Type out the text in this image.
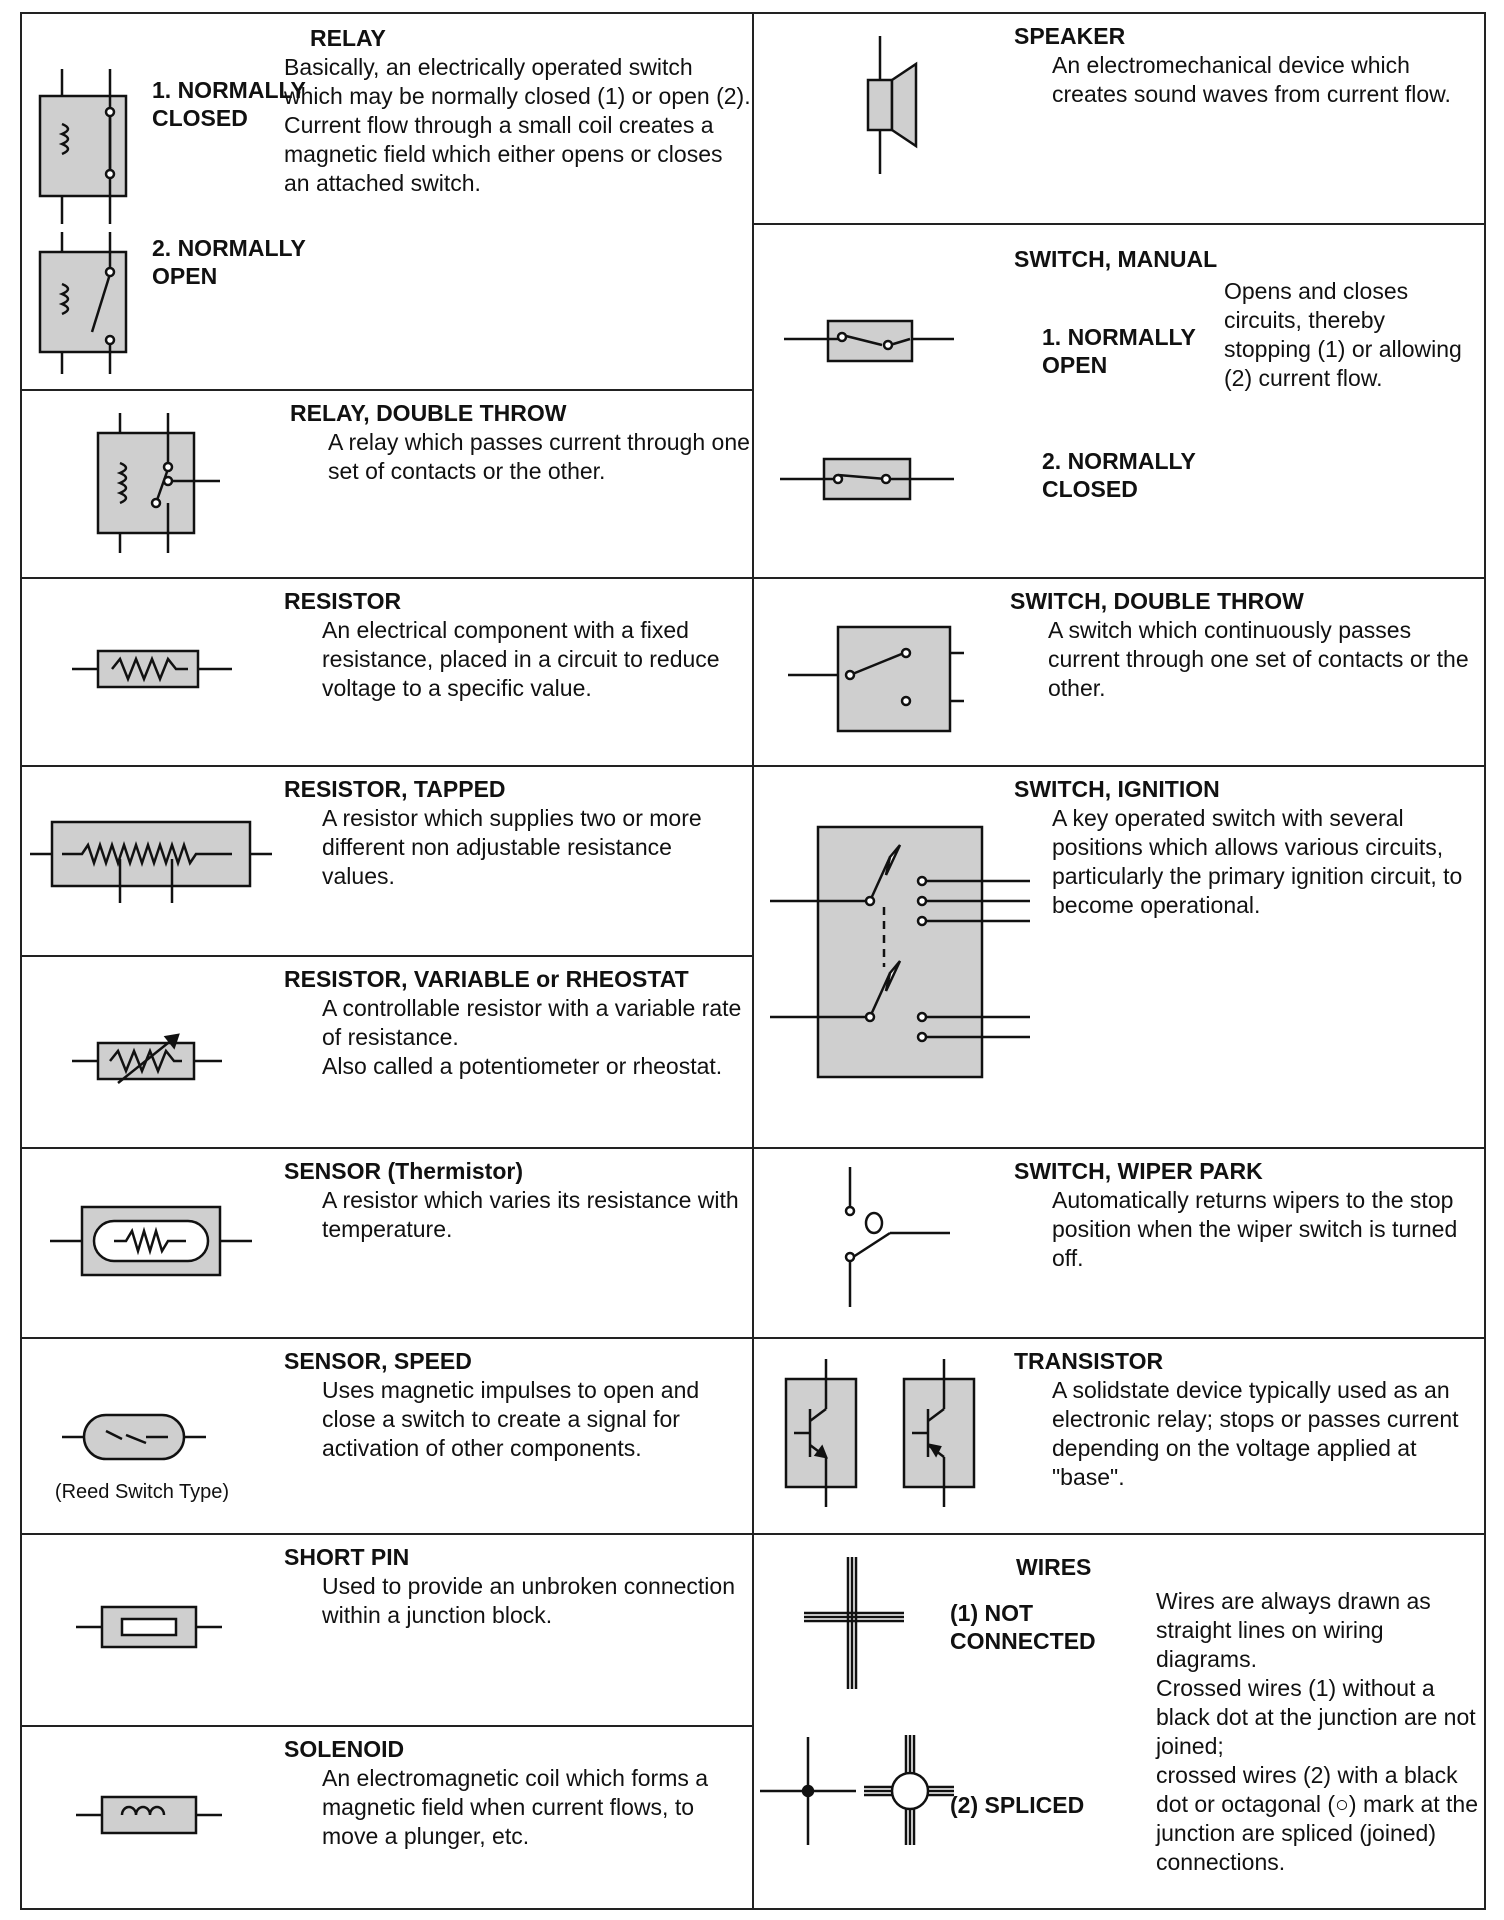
1. NORMALLY
CLOSED
2. NORMALLY
OPEN
RELAY
Basically, an electrically operated switch which may be normally closed (1) or open (2).
Current flow through a small coil creates a magnetic field which either opens or closes an attached switch.
RELAY, DOUBLE THROW
A relay which passes current through one set of contacts or the other.
RESISTOR
An electrical component with a fixed resistance, placed in a circuit to reduce voltage to a specific value.
RESISTOR, TAPPED
A resistor which supplies two or more different non adjustable resistance values.
RESISTOR, VARIABLE or RHEOSTAT
A controllable resistor with a variable rate of resistance.
Also called a potentiometer or rheostat.
SENSOR (Thermistor)
A resistor which varies its resistance with temperature.
(Reed Switch Type)
SENSOR, SPEED
Uses magnetic impulses to open and close a switch to create a signal for activation of other components.
SHORT PIN
Used to provide an unbroken connection within a junction block.
SOLENOID
An electromagnetic coil which forms a magnetic field when current flows, to move a plunger, etc.
SPEAKER
An electromechanical device which creates sound waves from current flow.
SWITCH, MANUAL
1. NORMALLY
OPEN
2. NORMALLY
CLOSED
Opens and closes circuits, thereby stopping (1) or allowing (2) current flow.
SWITCH, DOUBLE THROW
A switch which continuously passes current through one set of contacts or the other.
SWITCH, IGNITION
A key operated switch with several positions which allows various circuits, particularly the primary ignition circuit, to become operational.
SWITCH, WIPER PARK
Automatically returns wipers to the stop position when the wiper switch is turned off.
TRANSISTOR
A solidstate device typically used as an electronic relay; stops or passes current depending on the voltage applied at "base".
WIRES
(1) NOT
CONNECTED
(2) SPLICED
Wires are always drawn as straight lines on wiring diagrams.
Crossed wires (1) without a black dot at the junction are not joined;
crossed wires (2) with a black dot or octagonal (○) mark at the junction are spliced (joined) connections.
